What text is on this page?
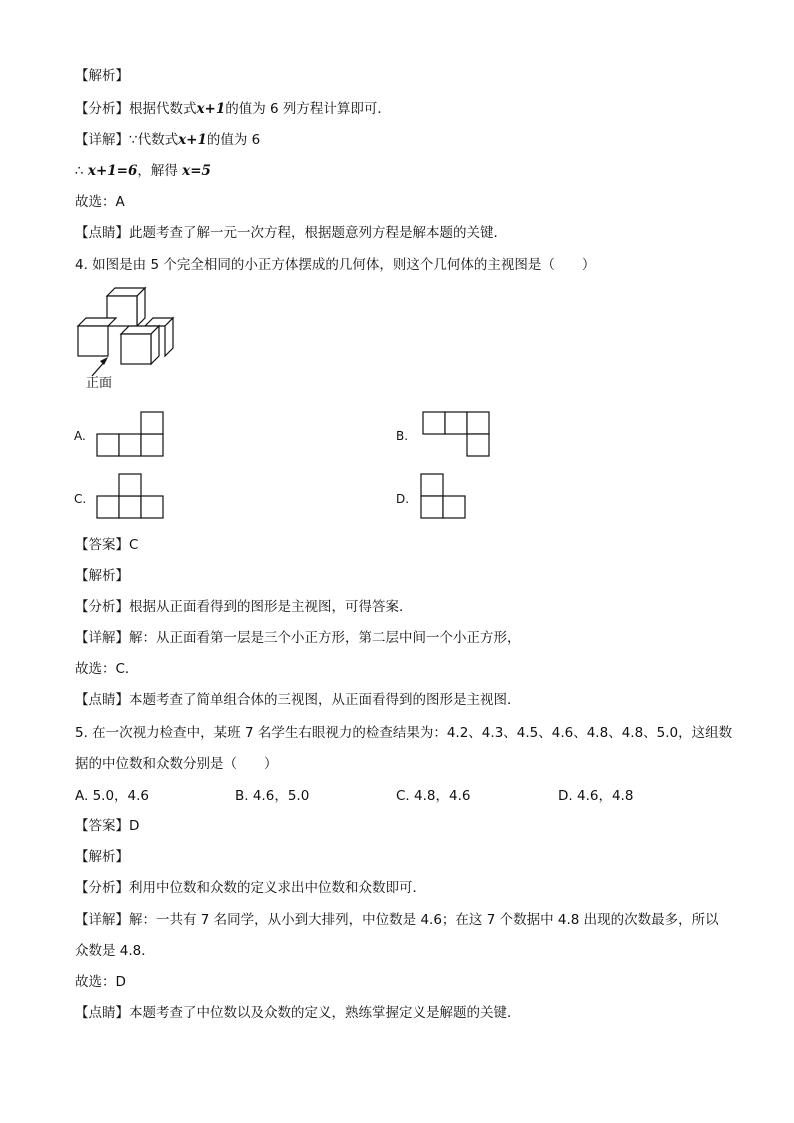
【解析】
【分析】根据代数式x+1的值为 6 列方程计算即可．
【详解】∵代数式x+1的值为 6
∴ x+1=6，解得 x=5
故选：A
【点睛】此题考查了解一元一次方程，根据题意列方程是解本题的关键．
4. 如图是由 5 个完全相同的小正方体摆成的几何体，则这个几何体的主视图是（　　）
正面
A.	B.
C.	D.
【答案】C
【解析】
【分析】根据从正面看得到的图形是主视图，可得答案．
【详解】解：从正面看第一层是三个小正方形，第二层中间一个小正方形，
故选：C．
【点睛】本题考查了简单组合体的三视图，从正面看得到的图形是主视图．
5. 在一次视力检查中，某班 7 名学生右眼视力的检查结果为：4.2、4.3、4.5、4.6、4.8、4.8、5.0，这组数
据的中位数和众数分别是（　　）
A. 5.0，4.6	B. 4.6，5.0	C. 4.8，4.6	D. 4.6，4.8
【答案】D
【解析】
【分析】利用中位数和众数的定义求出中位数和众数即可．
【详解】解：一共有 7 名同学，从小到大排列，中位数是 4.6；在这 7 个数据中 4.8 出现的次数最多，所以
众数是 4.8．
故选：D
【点睛】本题考查了中位数以及众数的定义，熟练掌握定义是解题的关键．
